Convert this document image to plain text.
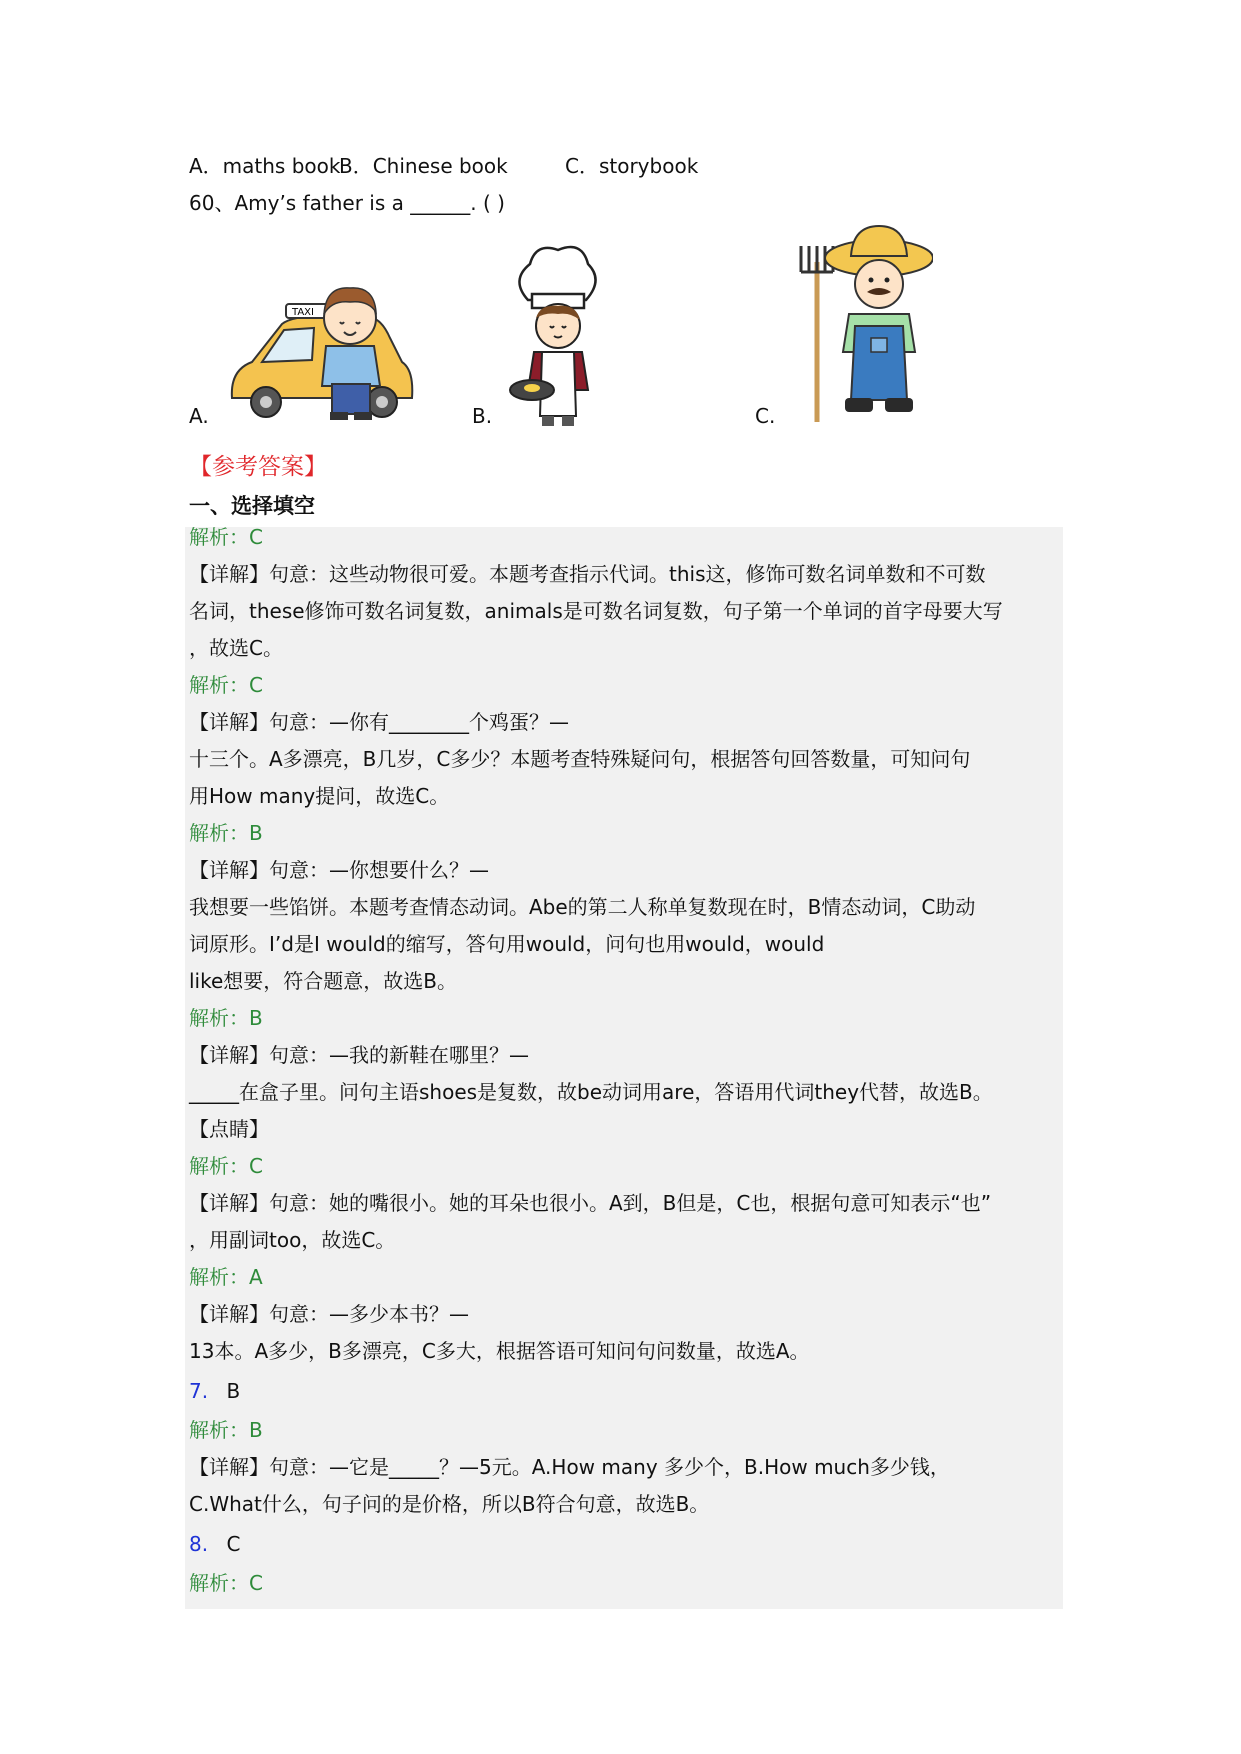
A．maths book
B．Chinese book	C．storybook
60、Amy’s father is a ______. ( )
TAXI
A.	B.	C.
【参考答案】
一、选择填空
解析：C
【详解】句意：这些动物很可爱。本题考查指示代词。this这，修饰可数名词单数和不可数
名词，these修饰可数名词复数，animals是可数名词复数，句子第一个单词的首字母要大写
，故选C。
解析：C
【详解】句意：—你有________个鸡蛋？—
十三个。A多漂亮，B几岁，C多少？本题考查特殊疑问句，根据答句回答数量，可知问句
用How many提问，故选C。
解析：B
【详解】句意：—你想要什么？—
我想要一些馅饼。本题考查情态动词。Abe的第二人称单复数现在时，B情态动词，C助动
词原形。I’d是I would的缩写，答句用would，问句也用would，would
like想要，符合题意，故选B。
解析：B
【详解】句意：—我的新鞋在哪里？—
_____在盒子里。问句主语shoes是复数，故be动词用are，答语用代词they代替，故选B。
【点睛】
解析：C
【详解】句意：她的嘴很小。她的耳朵也很小。A到，B但是，C也，根据句意可知表示“也”
，用副词too，故选C。
解析：A
【详解】句意：—多少本书？—
13本。A多少，B多漂亮，C多大，根据答语可知问句问数量，故选A。
7. B
解析：B
【详解】句意：—它是_____？—5元。A.How many 多少个，B.How much多少钱，
C.What什么，句子问的是价格，所以B符合句意，故选B。
8. C
解析：C
